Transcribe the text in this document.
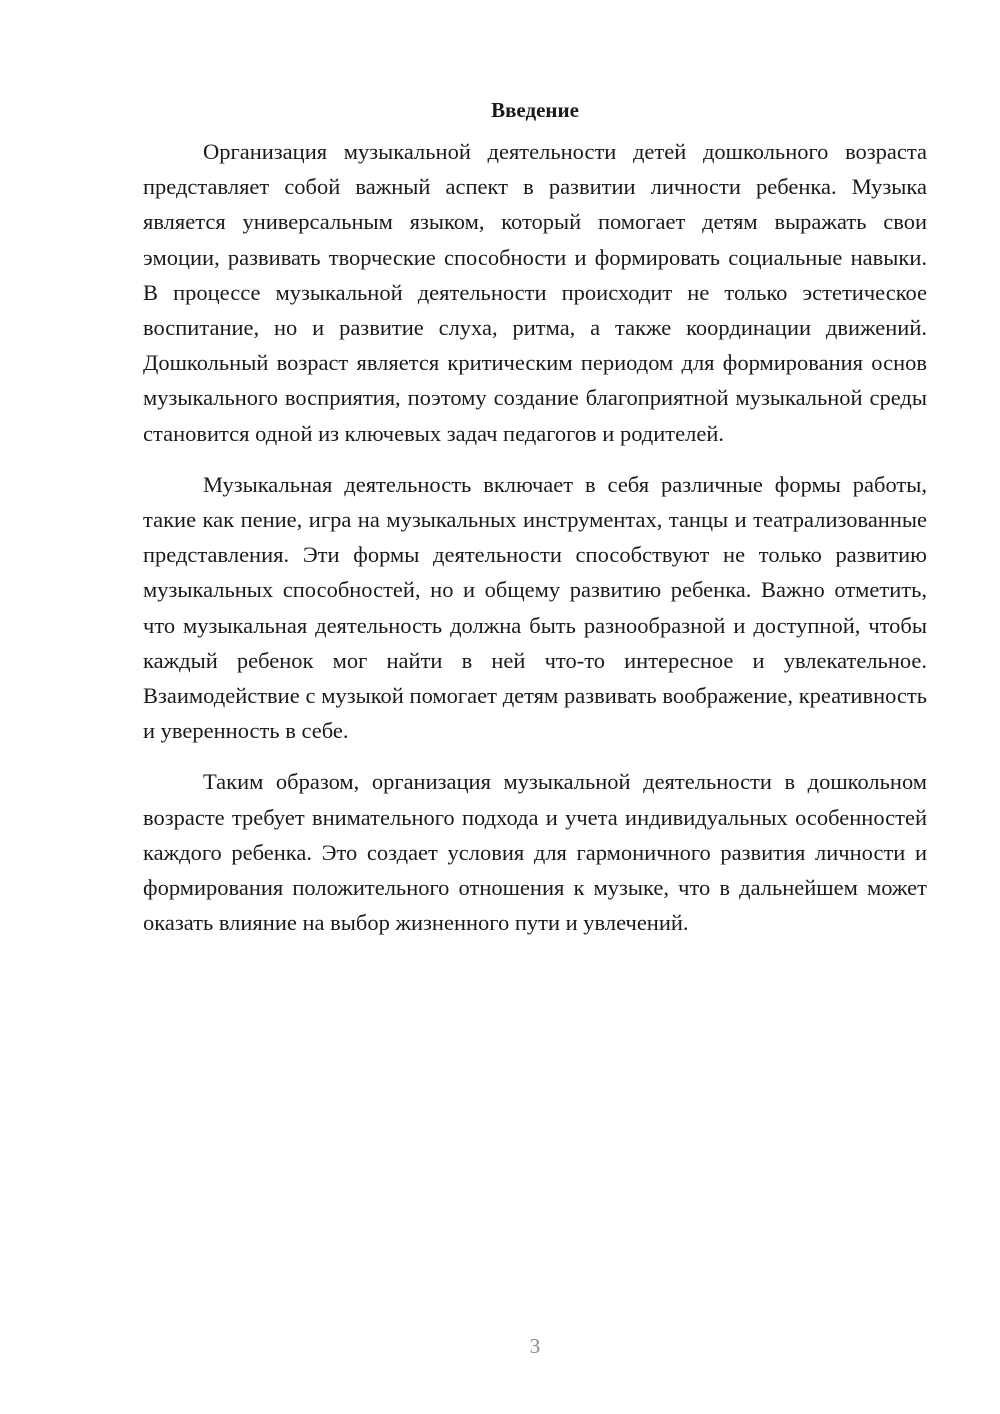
Введение

Организация музыкальной деятельности детей дошкольного возраста представляет собой важный аспект в развитии личности ребенка. Музыка является универсальным языком, который помогает детям выражать свои эмоции, развивать творческие способности и формировать социальные навыки. В процессе музыкальной деятельности происходит не только эстетическое воспитание, но и развитие слуха, ритма, а также координации движений. Дошкольный возраст является критическим периодом для формирования основ музыкального восприятия, поэтому создание благоприятной музыкальной среды становится одной из ключевых задач педагогов и родителей.

Музыкальная деятельность включает в себя различные формы работы, такие как пение, игра на музыкальных инструментах, танцы и театрализованные представления. Эти формы деятельности способствуют не только развитию музыкальных способностей, но и общему развитию ребенка. Важно отметить, что музыкальная деятельность должна быть разнообразной и доступной, чтобы каждый ребенок мог найти в ней что-то интересное и увлекательное. Взаимодействие с музыкой помогает детям развивать воображение, креативность и уверенность в себе.

Таким образом, организация музыкальной деятельности в дошкольном возрасте требует внимательного подхода и учета индивидуальных особенностей каждого ребенка. Это создает условия для гармоничного развития личности и формирования положительного отношения к музыке, что в дальнейшем может оказать влияние на выбор жизненного пути и увлечений.

3
